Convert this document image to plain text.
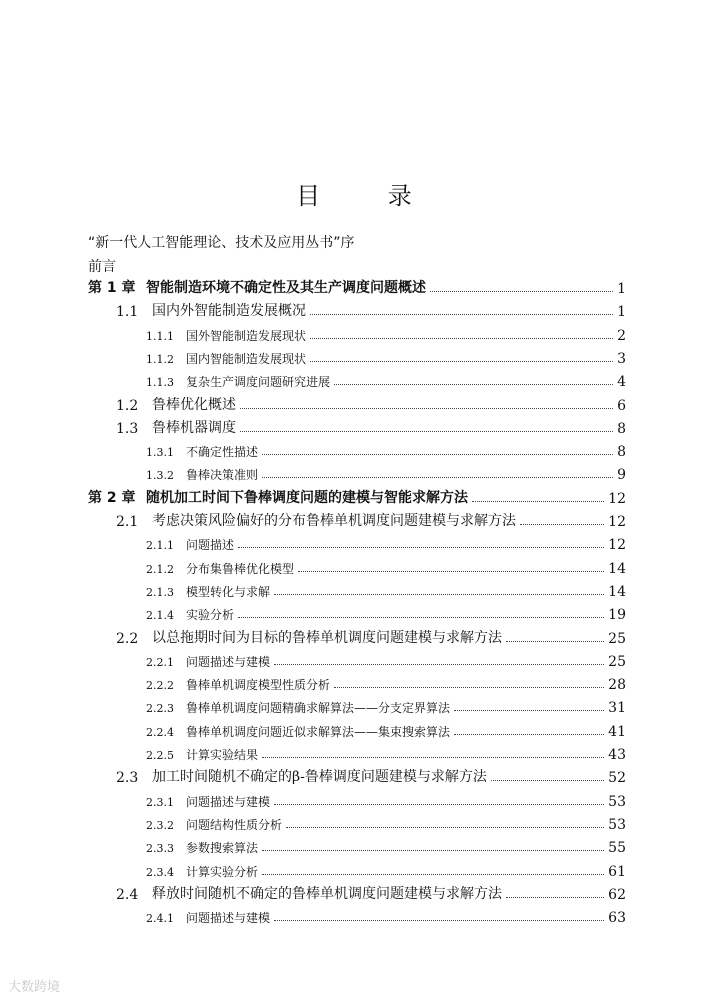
目 录
“新一代人工智能理论、技术及应用丛书”序
前言
第 1 章 智能制造环境不确定性及其生产调度问题概述	1
1.1 国内外智能制造发展概况	1
1.1.1 国外智能制造发展现状	2
1.1.2 国内智能制造发展现状	3
1.1.3 复杂生产调度问题研究进展	4
1.2 鲁棒优化概述	6
1.3 鲁棒机器调度	8
1.3.1 不确定性描述	8
1.3.2 鲁棒决策准则	9
第 2 章 随机加工时间下鲁棒调度问题的建模与智能求解方法	12
2.1 考虑决策风险偏好的分布鲁棒单机调度问题建模与求解方法	12
2.1.1 问题描述	12
2.1.2 分布集鲁棒优化模型	14
2.1.3 模型转化与求解	14
2.1.4 实验分析	19
2.2 以总拖期时间为目标的鲁棒单机调度问题建模与求解方法	25
2.2.1 问题描述与建模	25
2.2.2 鲁棒单机调度模型性质分析	28
2.2.3 鲁棒单机调度问题精确求解算法——分支定界算法	31
2.2.4 鲁棒单机调度问题近似求解算法——集束搜索算法	41
2.2.5 计算实验结果	43
2.3 加工时间随机不确定的β-鲁棒调度问题建模与求解方法	52
2.3.1 问题描述与建模	53
2.3.2 问题结构性质分析	53
2.3.3 参数搜索算法	55
2.3.4 计算实验分析	61
2.4 释放时间随机不确定的鲁棒单机调度问题建模与求解方法	62
2.4.1 问题描述与建模	63
大数跨境
